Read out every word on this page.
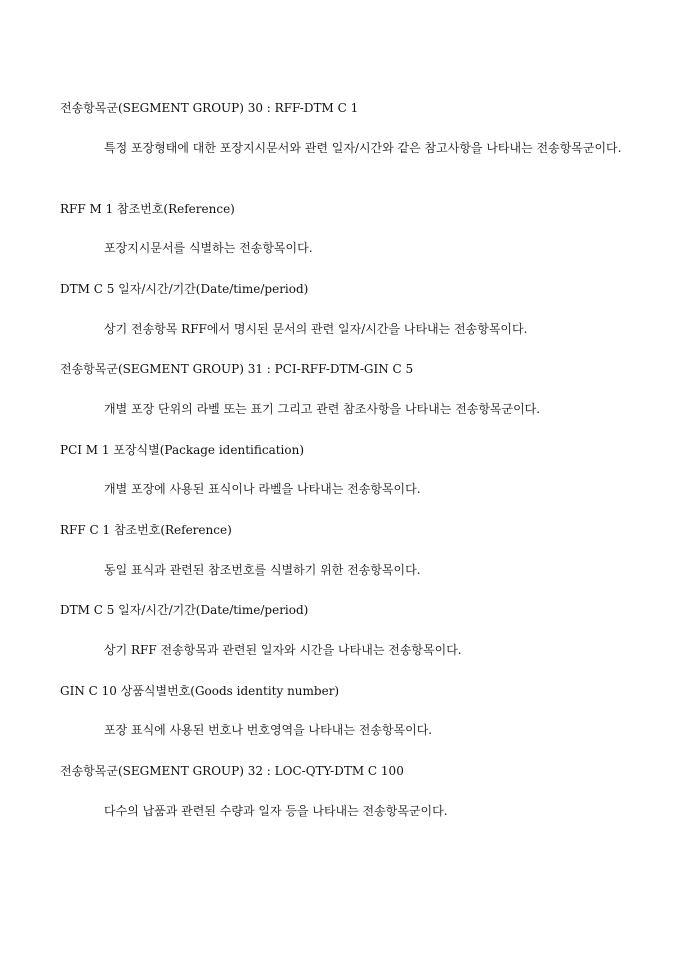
전송항목군(SEGMENT GROUP) 30 : RFF-DTM C 1
특정 포장형태에 대한 포장지시문서와 관련 일자/시간와 같은 참고사항을 나타내는 전송항목군이다.
RFF M 1 참조번호(Reference)
포장지시문서를 식별하는 전송항목이다.
DTM C 5 일자/시간/기간(Date/time/period)
상기 전송항목 RFF에서 명시된 문서의 관련 일자/시간을 나타내는 전송항목이다.
전송항목군(SEGMENT GROUP) 31 : PCI-RFF-DTM-GIN C 5
개별 포장 단위의 라벨 또는 표기 그리고 관련 참조사항을 나타내는 전송항목군이다.
PCI M 1 포장식별(Package identification)
개별 포장에 사용된 표식이나 라벨을 나타내는 전송항목이다.
RFF C 1 참조번호(Reference)
동일 표식과 관련된 참조번호를 식별하기 위한 전송항목이다.
DTM C 5 일자/시간/기간(Date/time/period)
상기 RFF 전송항목과 관련된 일자와 시간을 나타내는 전송항목이다.
GIN C 10 상품식별번호(Goods identity number)
포장 표식에 사용된 번호나 번호영역을 나타내는 전송항목이다.
전송항목군(SEGMENT GROUP) 32 : LOC-QTY-DTM C 100
다수의 납품과 관련된 수량과 일자 등을 나타내는 전송항목군이다.
